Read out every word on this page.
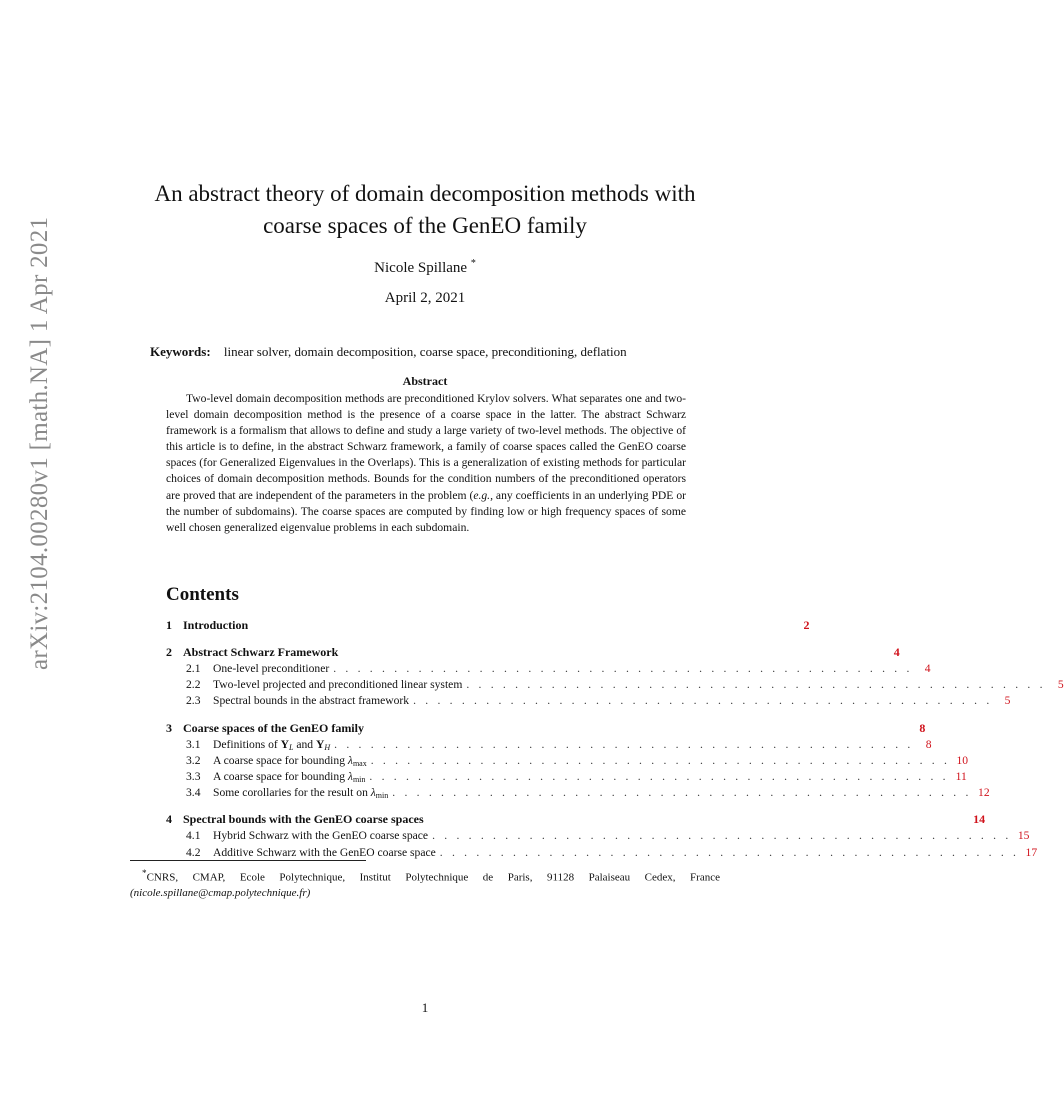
arXiv:2104.00280v1 [math.NA] 1 Apr 2021
An abstract theory of domain decomposition methods with
coarse spaces of the GenEO family
Nicole Spillane *
April 2, 2021
Keywords: linear solver, domain decomposition, coarse space, preconditioning, deflation
Abstract

Two-level domain decomposition methods are preconditioned Krylov solvers. What separates one and two- level domain decomposition method is the presence of a coarse space in the latter. The abstract Schwarz framework is a formalism that allows to define and study a large variety of two-level methods. The objective of this article is to define, in the abstract Schwarz framework, a family of coarse spaces called the GenEO coarse spaces (for Generalized Eigenvalues in the Overlaps). This is a generalization of existing methods for particular choices of domain decomposition methods. Bounds for the condition numbers of the preconditioned operators are proved that are independent of the parameters in the problem (e.g., any coefficients in an underlying PDE or the number of subdomains). The coarse spaces are computed by finding low or high frequency spaces of some well chosen generalized eigenvalue problems in each subdomain.

Contents
1 Introduction	2
2 Abstract Schwarz Framework	4
2.1	One-level preconditioner . . . . . . . . . . . . . . . . . . . . . . . . . . . . . . . . . . . . . . . . . . . . . . . .	4
2.2	Two-level projected and preconditioned linear system . . . . . . . . . . . . . . . . . . . . . . . . . . . . . . . . . . . . . . . . . . . . . . . .	5
2.3	Spectral bounds in the abstract framework . . . . . . . . . . . . . . . . . . . . . . . . . . . . . . . . . . . . . . . . . . . . . . . .	5
3 Coarse spaces of the GenEO family	8
3.1	Definitions of YL and YH . . . . . . . . . . . . . . . . . . . . . . . . . . . . . . . . . . . . . . . . . . . . . . . .	8
3.2	A coarse space for bounding λmax . . . . . . . . . . . . . . . . . . . . . . . . . . . . . . . . . . . . . . . . . . . . . . . . 10
3.3	A coarse space for bounding λmin . . . . . . . . . . . . . . . . . . . . . . . . . . . . . . . . . . . . . . . . . . . . . . . . 11
3.4	Some corollaries for the result on λmin . . . . . . . . . . . . . . . . . . . . . . . . . . . . . . . . . . . . . . . . . . . . . . . . 12
4 Spectral bounds with the GenEO coarse spaces	14
4.1	Hybrid Schwarz with the GenEO coarse space . . . . . . . . . . . . . . . . . . . . . . . . . . . . . . . . . . . . . . . . . . . . . . . . 15
4.2	Additive Schwarz with the GenEO coarse space . . . . . . . . . . . . . . . . . . . . . . . . . . . . . . . . . . . . . . . . . . . . . . . . 17

*CNRS, CMAP, Ecole Polytechnique, Institut Polytechnique de Paris, 91128 Palaiseau Cedex, France (nicole.spillane@cmap.polytechnique.fr)

1
